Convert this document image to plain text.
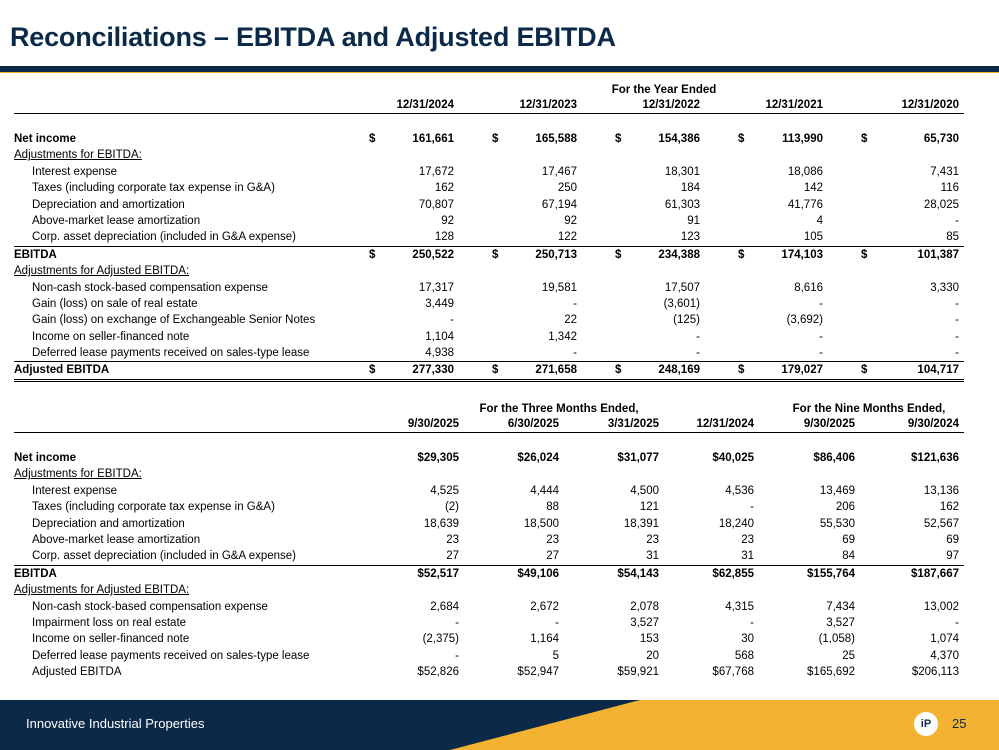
Reconciliations – EBITDA and Adjusted EBITDA
For the Year Ended
12/31/2024	12/31/2023	12/31/2022	12/31/2021	12/31/2020
Net income	$	161,661	$	165,588	$	154,386	$	113,990	$	65,730
Adjustments for EBITDA:
Interest expense	17,672	17,467	18,301	18,086	7,431
Taxes (including corporate tax expense in G&A)	162	250	184	142	116
Depreciation and amortization	70,807	67,194	61,303	41,776	28,025
Above-market lease amortization	92	92	91	4	-
Corp. asset depreciation (included in G&A expense)	128	122	123	105	85
EBITDA	$	250,522	$	250,713	$	234,388	$	174,103	$	101,387
Adjustments for Adjusted EBITDA:
Non-cash stock-based compensation expense	17,317	19,581	17,507	8,616	3,330
Gain (loss) on sale of real estate	3,449	-	(3,601)	-	-
Gain (loss) on exchange of Exchangeable Senior Notes	-	22	(125)	(3,692)	-
Income on seller-financed note	1,104	1,342	-	-	-
Deferred lease payments received on sales-type lease	4,938	-	-	-	-
Adjusted EBITDA	$	277,330	$	271,658	$	248,169	$	179,027	$	104,717
For the Three Months Ended,	For the Nine Months Ended,
9/30/2025	6/30/2025	3/31/2025	12/31/2024	9/30/2025	9/30/2024
Net income	$29,305	$26,024	$31,077	$40,025	$86,406	$121,636
Adjustments for EBITDA:
Interest expense	4,525	4,444	4,500	4,536	13,469	13,136
Taxes (including corporate tax expense in G&A)	(2)	88	121	-	206	162
Depreciation and amortization	18,639	18,500	18,391	18,240	55,530	52,567
Above-market lease amortization	23	23	23	23	69	69
Corp. asset depreciation (included in G&A expense)	27	27	31	31	84	97
EBITDA	$52,517	$49,106	$54,143	$62,855	$155,764	$187,667
Adjustments for Adjusted EBITDA:
Non-cash stock-based compensation expense	2,684	2,672	2,078	4,315	7,434	13,002
Impairment loss on real estate	-	-	3,527	-	3,527	-
Income on seller-financed note	(2,375)	1,164	153	30	(1,058)	1,074
Deferred lease payments received on sales-type lease	-	5	20	568	25	4,370
Adjusted EBITDA	$52,826	$52,947	$59,921	$67,768	$165,692	$206,113
Innovative Industrial Properties	iP	25
